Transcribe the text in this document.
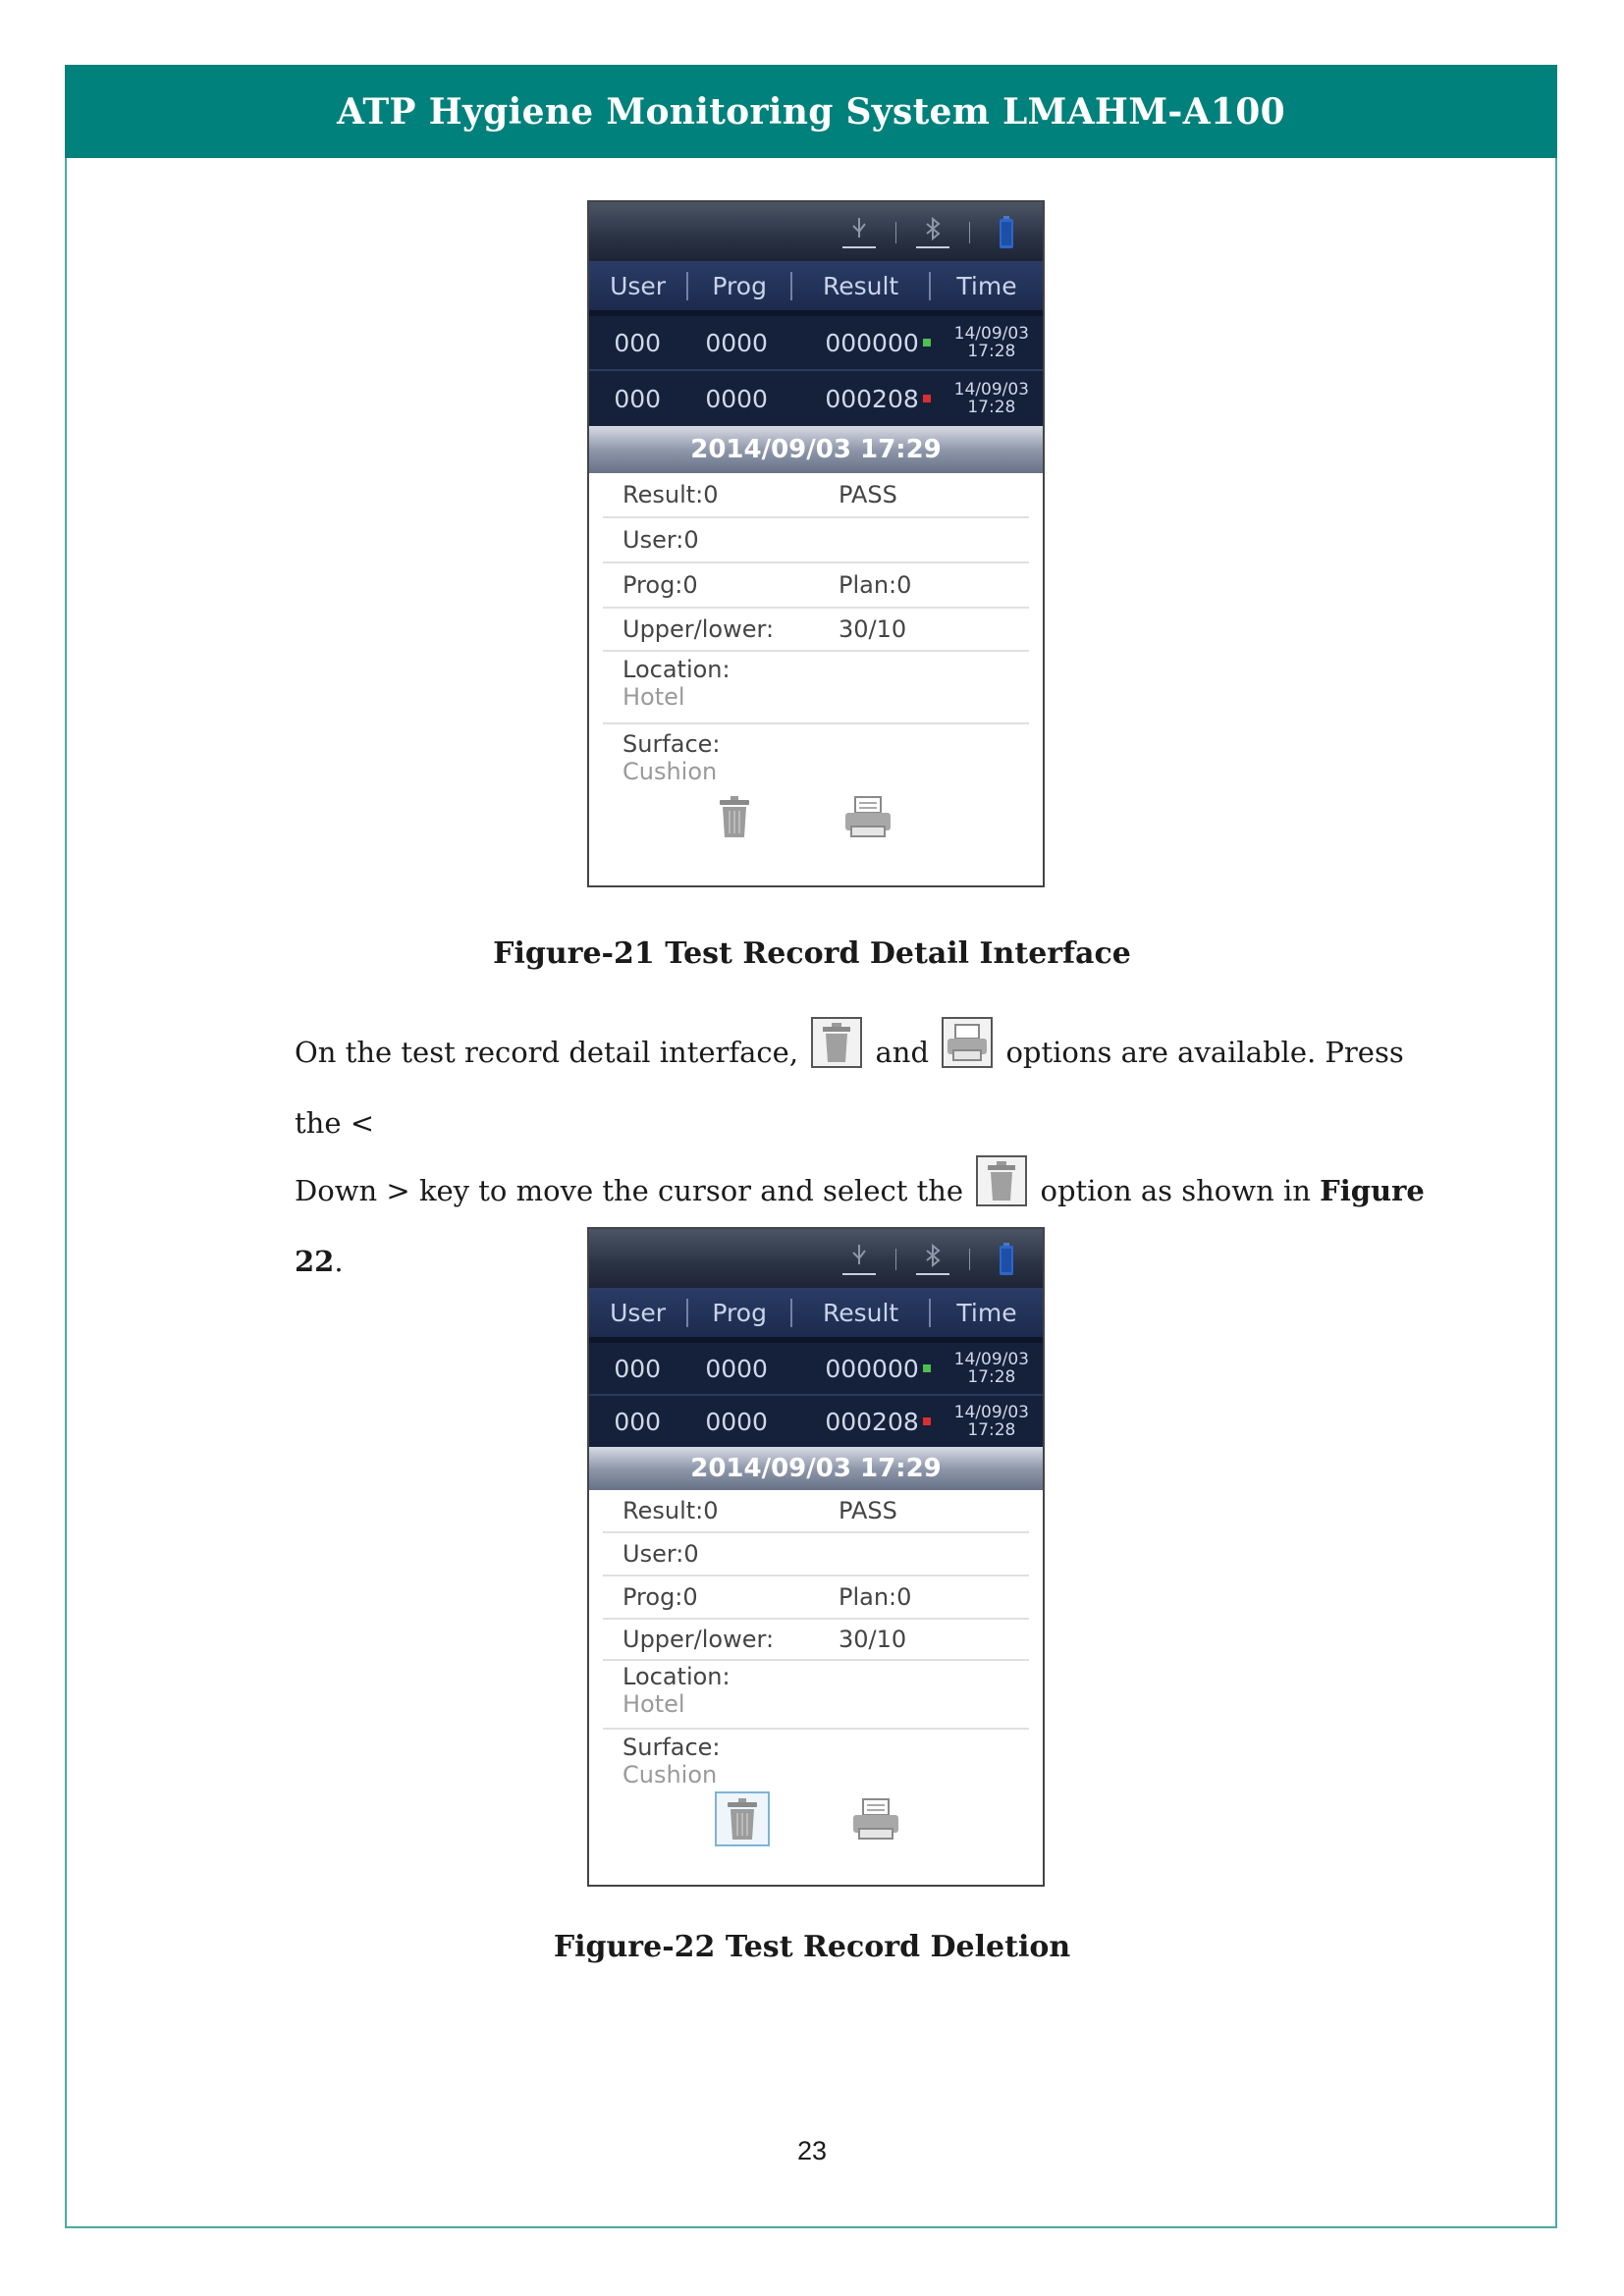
ATP Hygiene Monitoring System LMAHM-A100
User	Prog	Result	Time
000	0000	000000	14/09/03
17:28
000	0000	000208	14/09/03
17:28
2014/09/03 17:29
Result:0	PASS
User:0
Prog:0	Plan:0
Upper/lower:	30/10
Location:
Hotel
Surface:
Cushion
Figure-21 Test Record Detail Interface
On the test record detail interface,	and	options are available. Press the <
Down > key to move the cursor and select the	option as shown in Figure 22.
User	Prog	Result	Time
000	0000	000000	14/09/03
17:28
000	0000	000208	14/09/03
17:28
2014/09/03 17:29
Result:0	PASS
User:0
Prog:0	Plan:0
Upper/lower:	30/10
Location:
Hotel
Surface:
Cushion
Figure-22 Test Record Deletion
23
